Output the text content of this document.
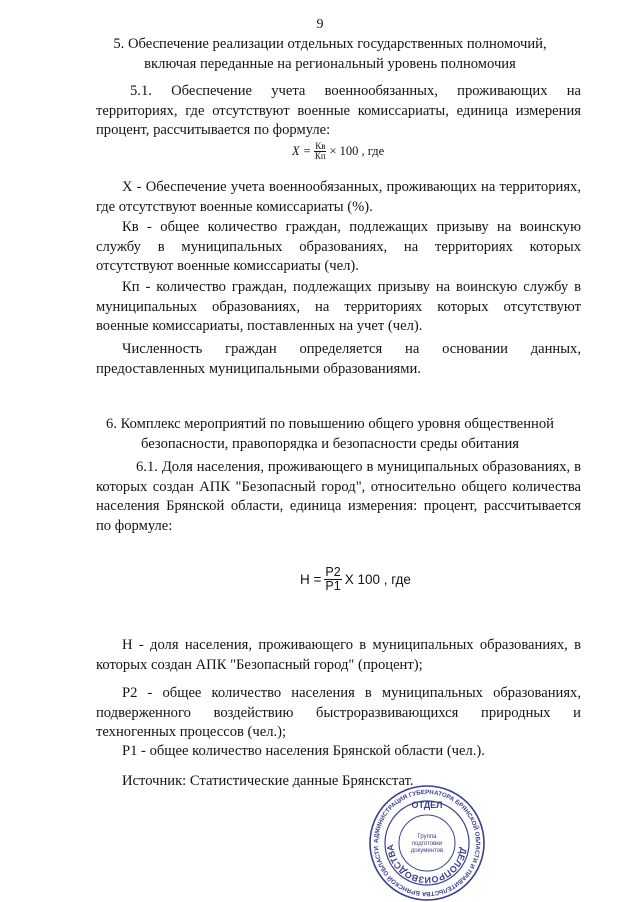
9
5. Обеспечение реализации отдельных государственных полномочий,
включая переданные на региональный уровень полномочия
5.1. Обеспечение учета военнообязанных, проживающих на
территориях, где отсутствуют военные комиссариаты, единица измерения
процент, рассчитывается по формуле:
$X = \frac{Кв}{Кп} \times 100$ , где
X - Обеспечение учета военнообязанных, проживающих на территориях,
где отсутствуют военные комиссариаты (%).
Кв - общее количество граждан, подлежащих призыву на воинскую
службу в муниципальных образованиях, на территориях которых
отсутствуют военные комиссариаты (чел).
Кп - количество граждан, подлежащих призыву на воинскую службу в
муниципальных образованиях, на территориях которых отсутствуют
военные комиссариаты, поставленных на учет (чел).
Численность граждан определяется на основании данных,
предоставленных муниципальными образованиями.
6. Комплекс мероприятий по повышению общего уровня общественной
безопасности, правопорядка и безопасности среды обитания
6.1. Доля населения, проживающего в муниципальных образованиях, в
которых создан АПК "Безопасный город", относительно общего количества
населения Брянской области, единица измерения: процент, рассчитывается
по формуле:
$Н = \frac{P2}{P1}$ X 100 , где
Н - доля населения, проживающего в муниципальных образованиях, в
которых создан АПК "Безопасный город" (процент);
P2 - общее количество населения в муниципальных образованиях,
подверженного воздействию быстроразвивающихся природных и
техногенных процессов (чел.);
P1 - общее количество населения Брянской области (чел.).
Источник: Статистические данные Брянскстат.
АДМИНИСТРАЦИЯ ГУБЕРНАТОРА БРЯНСКОЙ ОБЛАСТИ И ПРАВИТЕЛЬСТВА БРЯНСКОЙ ОБЛАСТИ	ДЕЛОПРОИЗВОДСТВА
ОТДЕЛ
Группа
подготовки
документов
